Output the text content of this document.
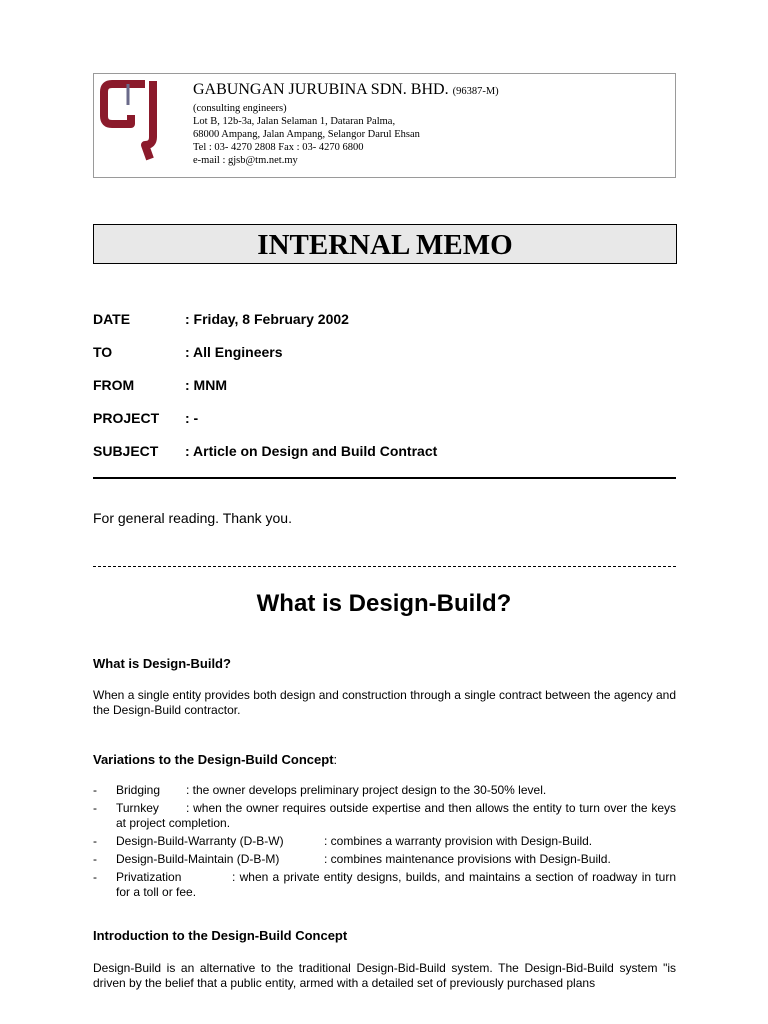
GABUNGAN JURUBINA SDN. BHD. (96387-M)
(consulting engineers)
Lot B, 12b-3a, Jalan Selaman 1, Dataran Palma,
68000 Ampang, Jalan Ampang, Selangor Darul Ehsan
Tel : 03- 4270 2808 Fax : 03- 4270 6800
e-mail : gjsb@tm.net.my
INTERNAL MEMO
DATE	: Friday, 8 February 2002
TO	: All Engineers
FROM	: MNM
PROJECT : -
SUBJECT : Article on Design and Build Contract
For general reading. Thank you.
What is Design-Build?
What is Design-Build?

When a single entity provides both design and construction through a single contract between the agency and the Design-Build contractor.

Variations to the Design-Build Concept:
- Bridging : the owner develops preliminary project design to the 30-50% level.
- Turnkey : when the owner requires outside expertise and then allows the entity to turn over the keys at project completion.
- Design-Build-Warranty (D-B-W)	: combines a warranty provision with Design-Build.
- Design-Build-Maintain (D-B-M)	: combines maintenance provisions with Design-Build.
- Privatization	: when a private entity designs, builds, and maintains a section of roadway in turn for a toll or fee.
Introduction to the Design-Build Concept

Design-Build is an alternative to the traditional Design-Bid-Build system. The Design-Bid-Build system "is driven by the belief that a public entity, armed with a detailed set of previously purchased plans
